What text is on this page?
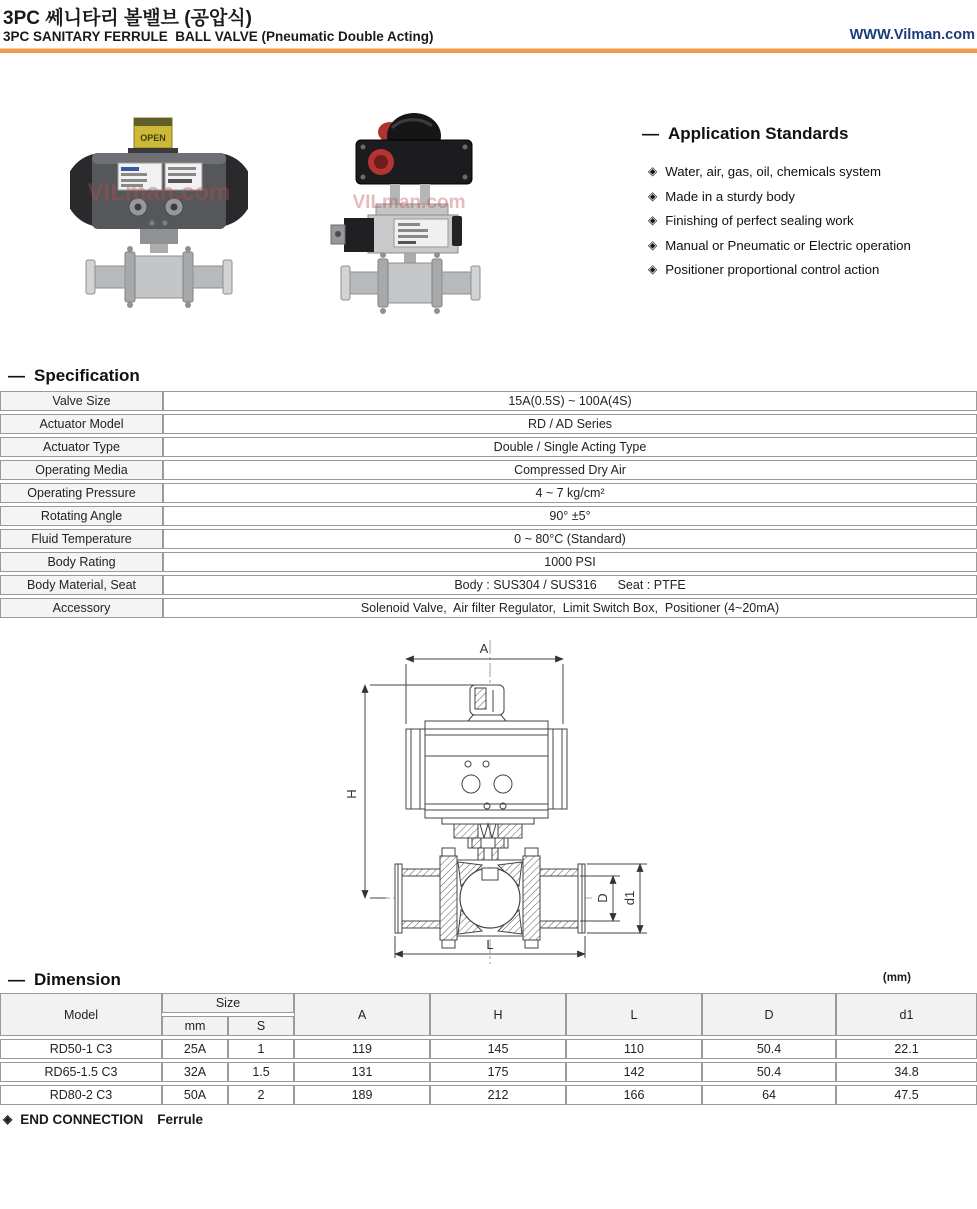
3PC 쎄니타리 볼밸브 (공압식)
3PC SANITARY FERRULE  BALL VALVE (Pneumatic Double Acting)	WWW.Vilman.com
OPEN
VILman.com	VILman.com
— Application Standards
◈ Water, air, gas, oil, chemicals system
◈ Made in a sturdy body
◈ Finishing of perfect sealing work
◈ Manual or Pneumatic or Electric operation
◈ Positioner proportional control action
— Specification
Valve Size	15A(0.5S) ~ 100A(4S)
Actuator Model	RD / AD Series
Actuator Type	Double / Single Acting Type
Operating Media	Compressed Dry Air
Operating Pressure	4 ~ 7 kg/cm²
Rotating Angle	90° ±5°
Fluid Temperature	0 ~ 80°C (Standard)
Body Rating	1000 PSI
Body Material, Seat	Body : SUS304 / SUS316      Seat : PTFE
Accessory	Solenoid Valve,  Air filter Regulator,  Limit Switch Box,  Positioner (4~20mA)
A
H
L
D d1
— Dimension	(mm)
Model	Size		A	H	L	D	d1
	mm	S					
RD50-1 C3	25A	1	119	145	110	50.4	22.1
RD65-1.5 C3	32A	1.5	131	175	142	50.4	34.8
RD80-2 C3	50A	2	189	212	166	64	47.5
◈ END CONNECTION Ferrule
